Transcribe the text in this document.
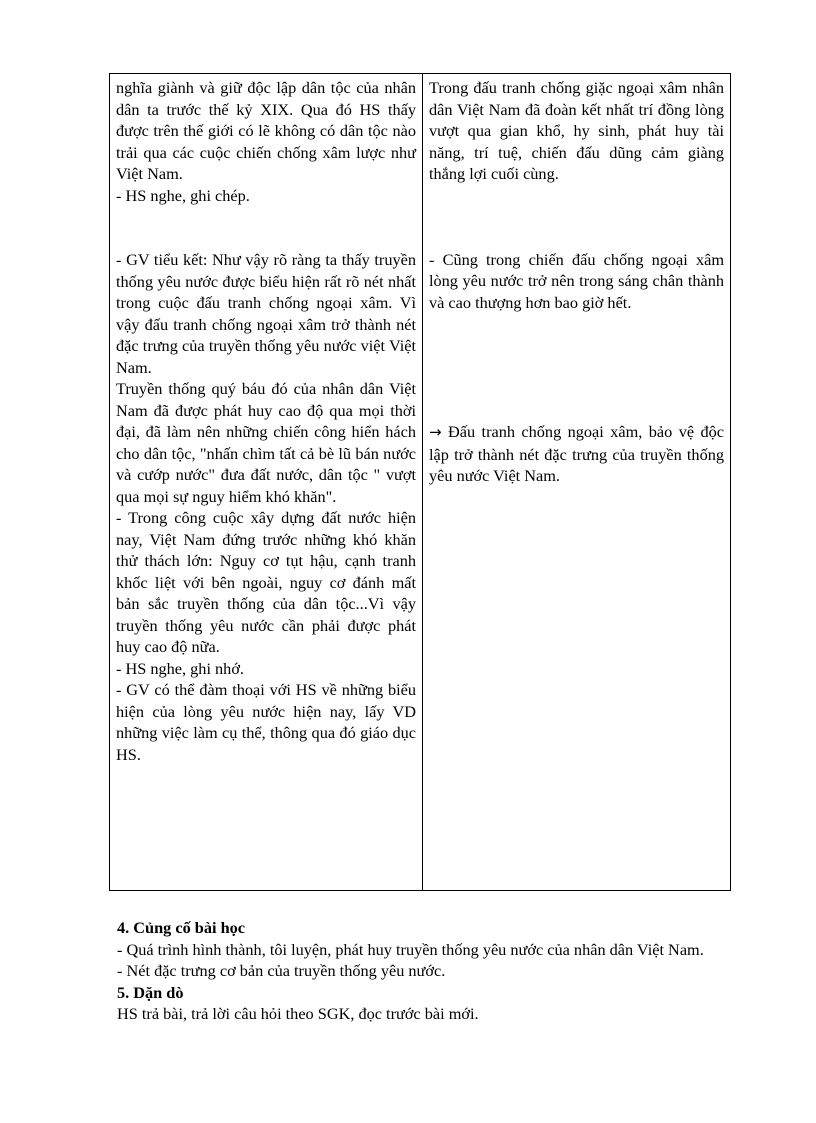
nghĩa giành và giữ độc lập dân tộc của nhân dân ta trước thế kỷ XIX. Qua đó HS thấy được trên thế giới có lẽ không có dân tộc nào trải qua các cuộc chiến chống xâm lược như Việt Nam.

- HS nghe, ghi chép.

- GV tiểu kết: Như vậy rõ ràng ta thấy truyền thống yêu nước được biểu hiện rất rõ nét nhất trong cuộc đấu tranh chống ngoại xâm. Vì vậy đấu tranh chống ngoại xâm trở thành nét đặc trưng của truyền thống yêu nước việt Việt Nam.

Truyền thống quý báu đó của nhân dân Việt Nam đã được phát huy cao độ qua mọi thời đại, đã làm nên những chiến công hiển hách cho dân tộc, "nhấn chìm tất cả bè lũ bán nước và cướp nước" đưa đất nước, dân tộc " vượt qua mọi sự nguy hiểm khó khăn".

- Trong công cuộc xây dựng đất nước hiện nay, Việt Nam đứng trước những khó khăn thử thách lớn: Nguy cơ tụt hậu, cạnh tranh khốc liệt với bên ngoài, nguy cơ đánh mất bản sắc truyền thống của dân tộc...Vì vậy truyền thống yêu nước cần phải được phát huy cao độ nữa.

- HS nghe, ghi nhớ.

- GV có thể đàm thoại với HS về những biểu hiện của lòng yêu nước hiện nay, lấy VD những việc làm cụ thể, thông qua đó giáo dục HS.

Trong đấu tranh chống giặc ngoại xâm nhân dân Việt Nam đã đoàn kết nhất trí đồng lòng vượt qua gian khổ, hy sinh, phát huy tài năng, trí tuệ, chiến đấu dũng cảm giàng thắng lợi cuối cùng.

- Cũng trong chiến đấu chống ngoại xâm lòng yêu nước trở nên trong sáng chân thành và cao thượng hơn bao giờ hết.

→ Đấu tranh chống ngoại xâm, bảo vệ độc lập trở thành nét đặc trưng của truyền thống yêu nước Việt Nam.

4. Củng cố bài học

- Quá trình hình thành, tôi luyện, phát huy truyền thống yêu nước của nhân dân Việt Nam.

- Nét đặc trưng cơ bản của truyền thống yêu nước.

5. Dặn dò

HS trả bài, trả lời câu hỏi theo SGK, đọc trước bài mới.
